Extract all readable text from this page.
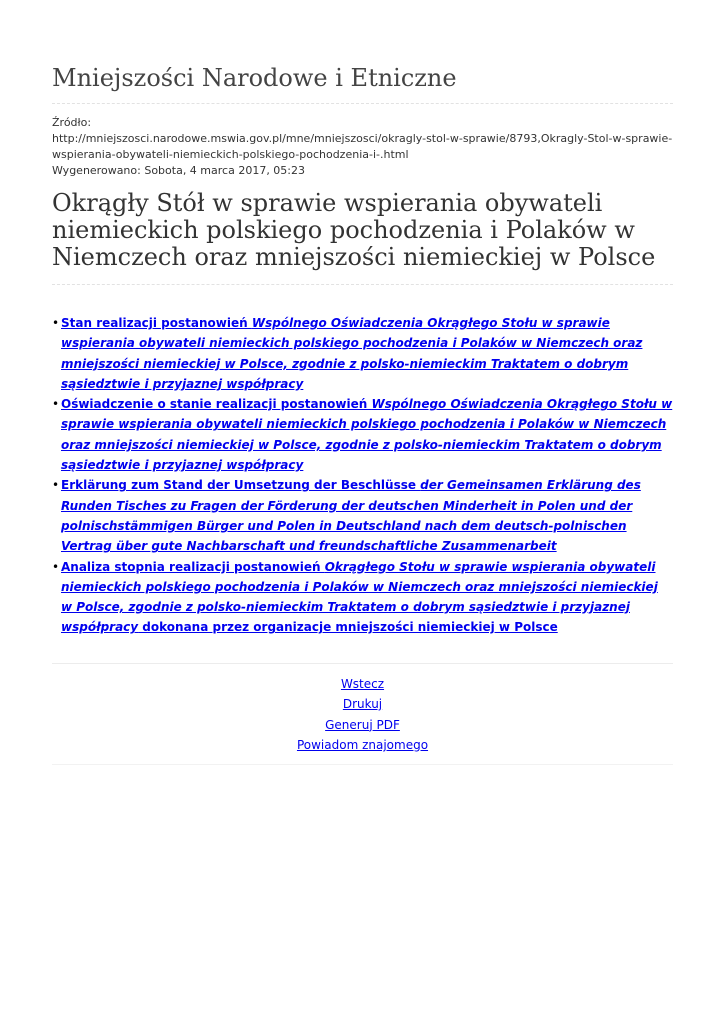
Mniejszości Narodowe i Etniczne
Źródło:

http://mniejszosci.narodowe.mswia.gov.pl/mne/mniejszosci/okragly-stol-w-sprawie/8793,Okragly-Stol-w-sprawie-wspierania-obywateli-niemieckich-polskiego-pochodzenia-i-.html
Wygenerowano: Sobota, 4 marca 2017, 05:23
Okrągły Stół w sprawie wspierania obywateli niemieckich polskiego pochodzenia i Polaków w Niemczech oraz mniejszości niemieckiej w Polsce
• Stan realizacji postanowień Wspólnego Oświadczenia Okrągłego Stołu w sprawie wspierania obywateli niemieckich polskiego pochodzenia i Polaków w Niemczech oraz mniejszości niemieckiej w Polsce, zgodnie z polsko-niemieckim Traktatem o dobrym sąsiedztwie i przyjaznej współpracy
• Oświadczenie o stanie realizacji postanowień Wspólnego Oświadczenia Okrągłego Stołu w sprawie wspierania obywateli niemieckich polskiego pochodzenia i Polaków w Niemczech oraz mniejszości niemieckiej w Polsce, zgodnie z polsko-niemieckim Traktatem o dobrym sąsiedztwie i przyjaznej współpracy
• Erklärung zum Stand der Umsetzung der Beschlüsse der Gemeinsamen Erklärung des Runden Tisches zu Fragen der Förderung der deutschen Minderheit in Polen und der polnischstämmigen Bürger und Polen in Deutschland nach dem deutsch-polnischen Vertrag über gute Nachbarschaft und freundschaftliche Zusammenarbeit
• Analiza stopnia realizacji postanowień Okrągłego Stołu w sprawie wspierania obywateli niemieckich polskiego pochodzenia i Polaków w Niemczech oraz mniejszości niemieckiej w Polsce, zgodnie z polsko-niemieckim Traktatem o dobrym sąsiedztwie i przyjaznej współpracy dokonana przez organizacje mniejszości niemieckiej w Polsce
Wstecz
Drukuj
Generuj PDF
Powiadom znajomego
